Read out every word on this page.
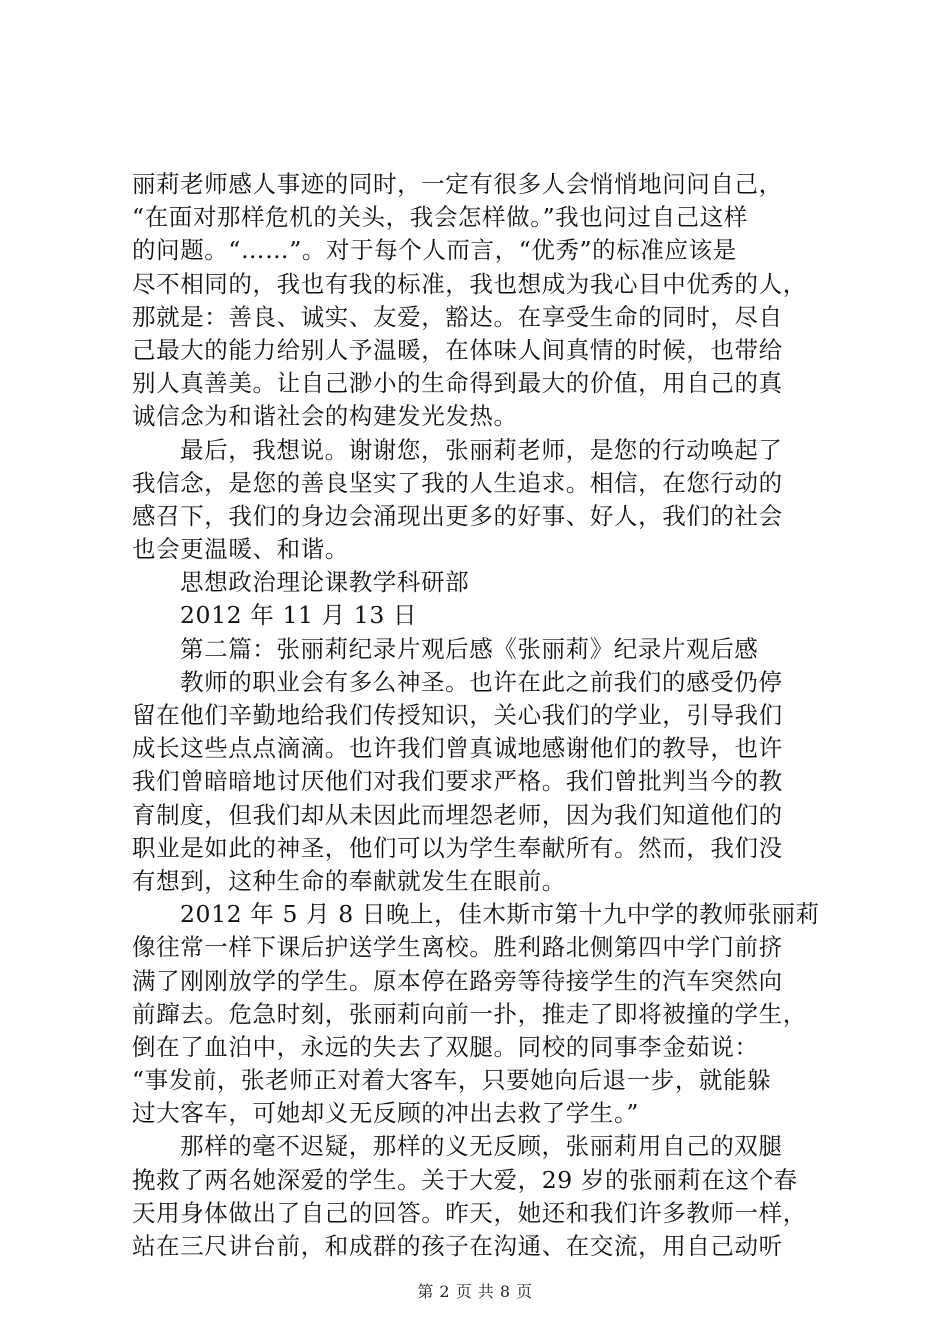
丽莉老师感人事迹的同时，一定有很多人会悄悄地问问自己，
“在面对那样危机的关头，我会怎样做。”我也问过自己这样
的问题。“……”。对于每个人而言，“优秀”的标准应该是
尽不相同的，我也有我的标准，我也想成为我心目中优秀的人，
那就是：善良、诚实、友爱，豁达。在享受生命的同时，尽自
己最大的能力给别人予温暖，在体味人间真情的时候，也带给
别人真善美。让自己渺小的生命得到最大的价值，用自己的真
诚信念为和谐社会的构建发光发热。
最后，我想说。谢谢您，张丽莉老师，是您的行动唤起了
我信念，是您的善良坚实了我的人生追求。相信，在您行动的
感召下，我们的身边会涌现出更多的好事、好人，我们的社会
也会更温暖、和谐。
思想政治理论课教学科研部
2012 年 11 月 13 日
第二篇：张丽莉纪录片观后感《张丽莉》纪录片观后感
教师的职业会有多么神圣。也许在此之前我们的感受仍停
留在他们辛勤地给我们传授知识，关心我们的学业，引导我们
成长这些点点滴滴。也许我们曾真诚地感谢他们的教导，也许
我们曾暗暗地讨厌他们对我们要求严格。我们曾批判当今的教
育制度，但我们却从未因此而埋怨老师，因为我们知道他们的
职业是如此的神圣，他们可以为学生奉献所有。然而，我们没
有想到，这种生命的奉献就发生在眼前。
2012 年 5 月 8 日晚上，佳木斯市第十九中学的教师张丽莉
像往常一样下课后护送学生离校。胜利路北侧第四中学门前挤
满了刚刚放学的学生。原本停在路旁等待接学生的汽车突然向
前蹿去。危急时刻，张丽莉向前一扑，推走了即将被撞的学生，
倒在了血泊中，永远的失去了双腿。同校的同事李金茹说：
“事发前，张老师正对着大客车，只要她向后退一步，就能躲
过大客车，可她却义无反顾的冲出去救了学生。”
那样的毫不迟疑，那样的义无反顾，张丽莉用自己的双腿
挽救了两名她深爱的学生。关于大爱，29 岁的张丽莉在这个春
天用身体做出了自己的回答。昨天，她还和我们许多教师一样，
站在三尺讲台前，和成群的孩子在沟通、在交流，用自己动听
第 2 页 共 8 页
